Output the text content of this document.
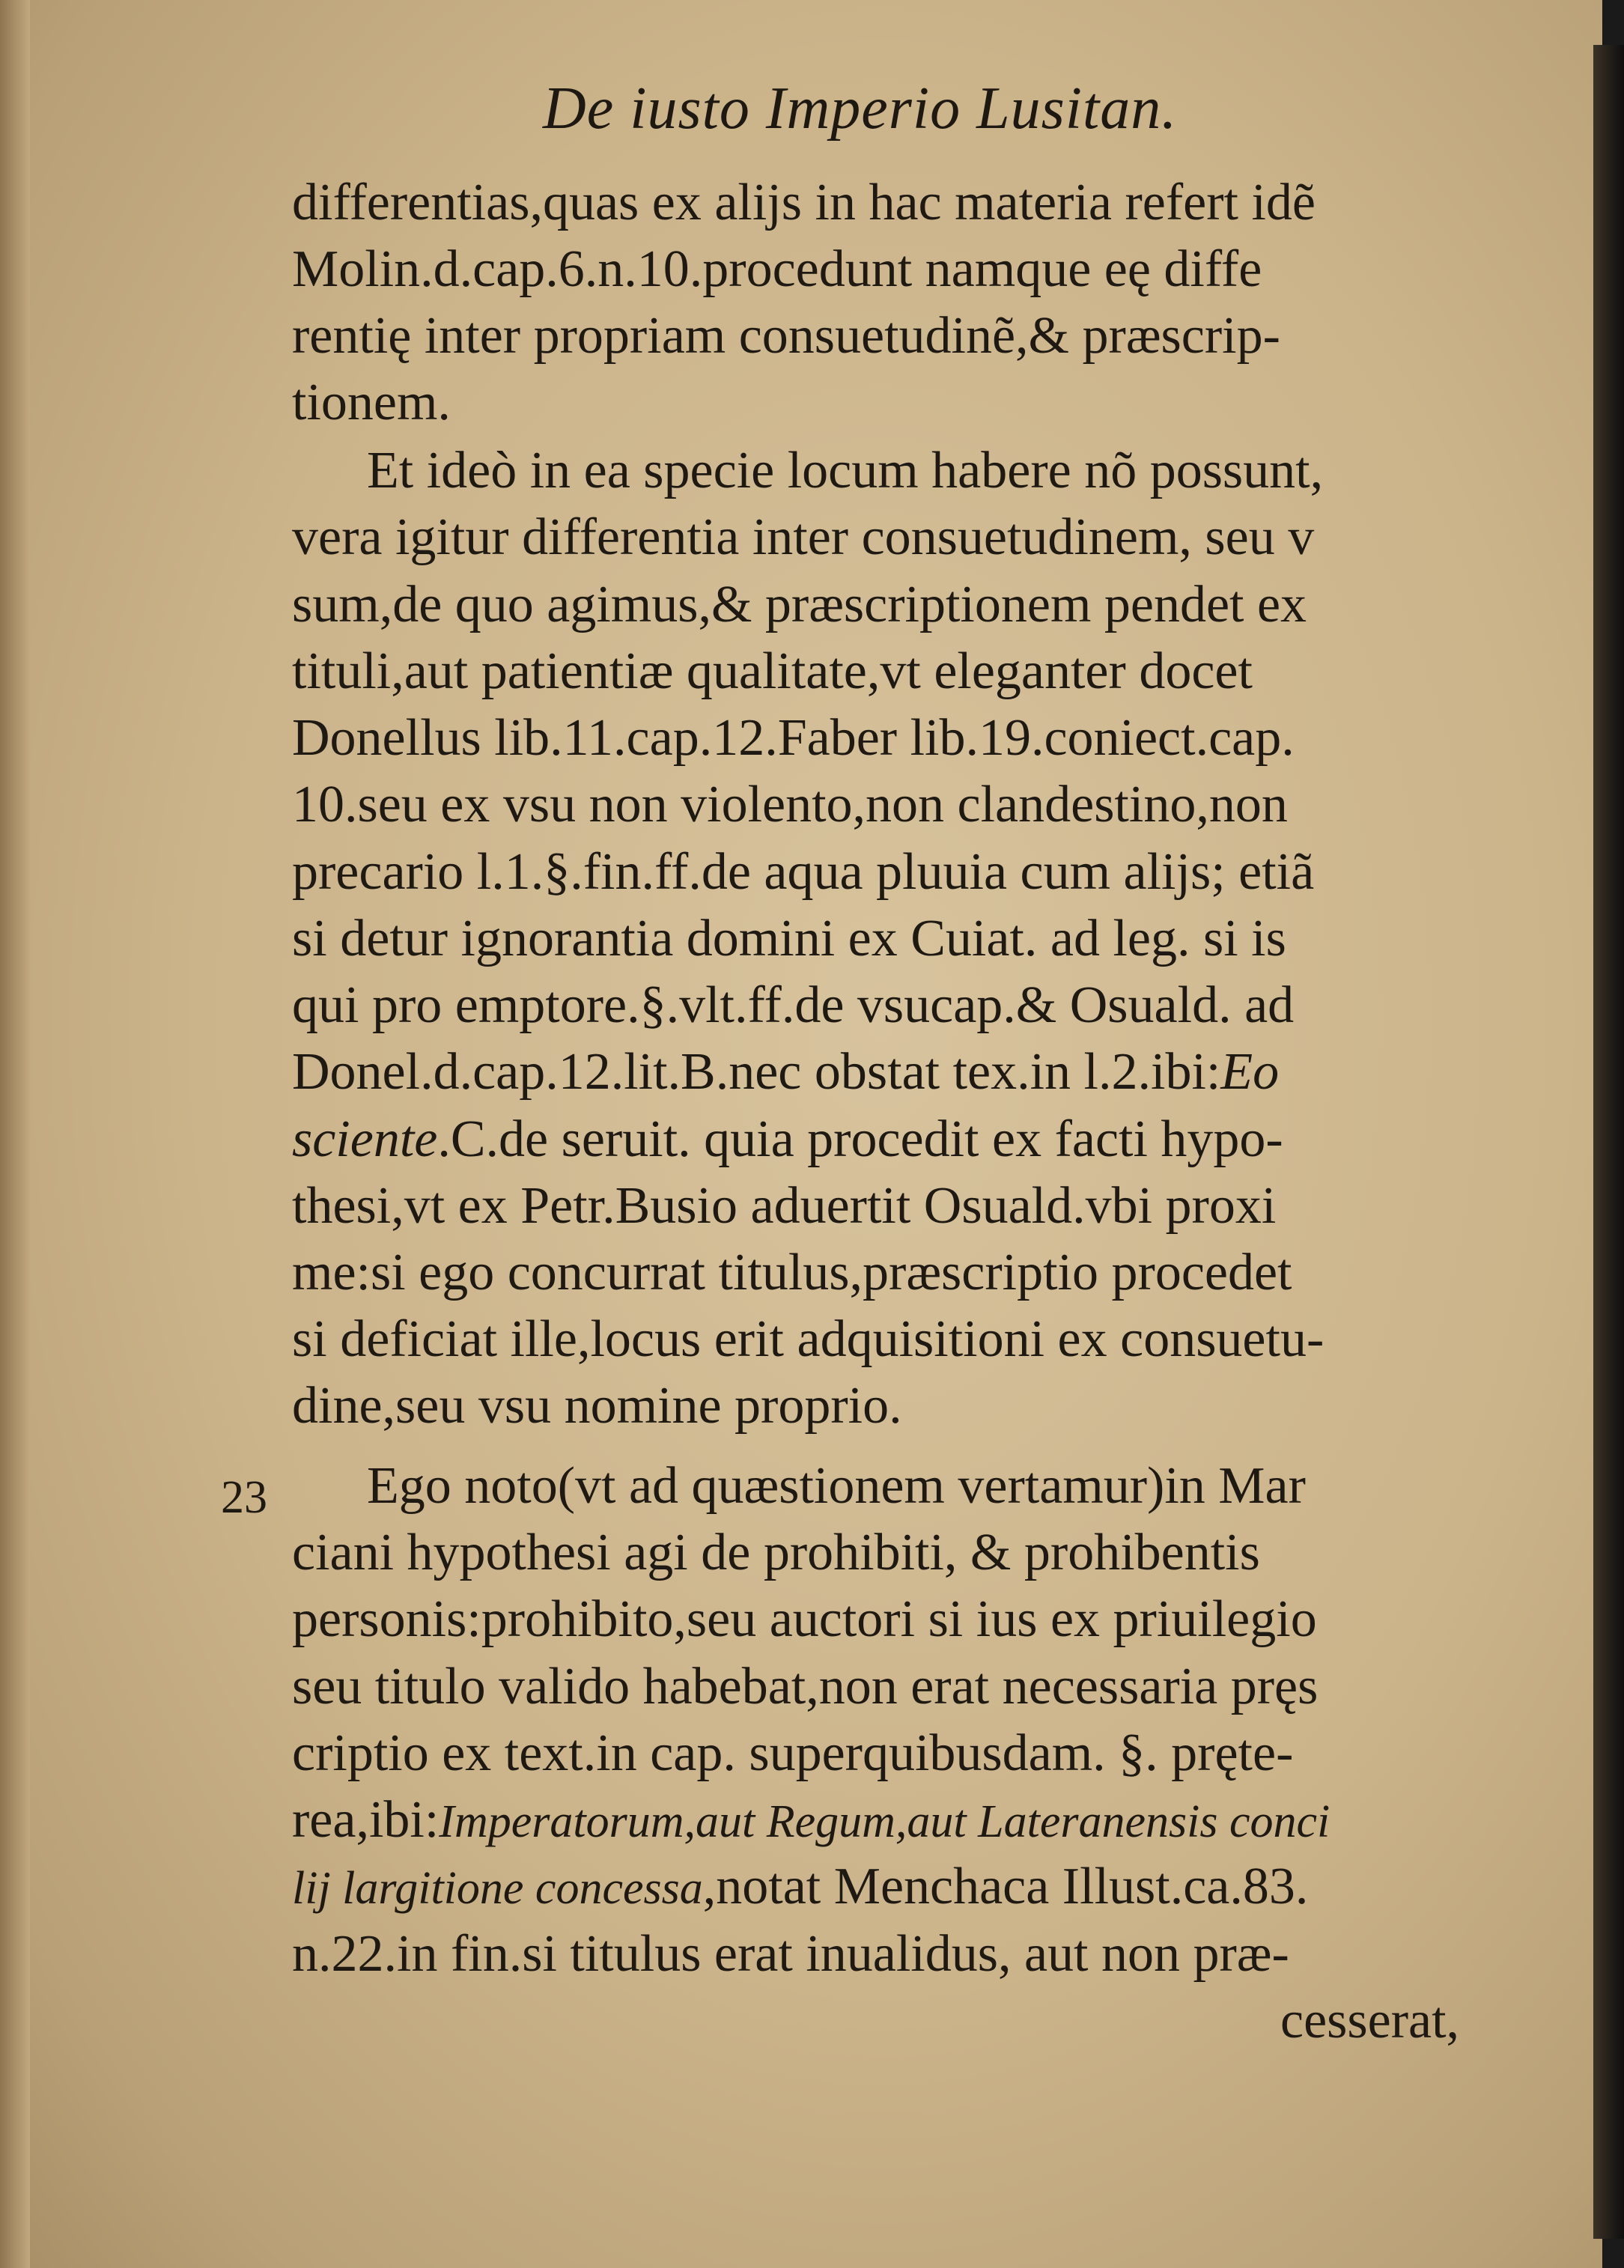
De iusto Imperio Lusitan.
23
differentias,quas ex alijs in hac materia refert idẽ
Molin.d.cap.6.n.10.procedunt namque eę diffe
rentię inter propriam consuetudinẽ,& præscrip-
tionem.
Et ideò in ea specie locum habere nõ possunt,
vera igitur differentia inter consuetudinem, seu v
sum,de quo agimus,& præscriptionem pendet ex
tituli,aut patientiæ qualitate,vt eleganter docet
Donellus lib.11.cap.12.Faber lib.19.coniect.cap.
10.seu ex vsu non violento,non clandestino,non
precario l.1.§.fin.ff.de aqua pluuia cum alijs; etiã
si detur ignorantia domini ex Cuiat. ad leg. si is
qui pro emptore.§.vlt.ff.de vsucap.& Osuald. ad
Donel.d.cap.12.lit.B.nec obstat tex.in l.2.ibi:Eo
sciente.C.de seruit. quia procedit ex facti hypo-
thesi,vt ex Petr.Busio aduertit Osuald.vbi proxi
me:si ego concurrat titulus,præscriptio procedet
si deficiat ille,locus erit adquisitioni ex consuetu-
dine,seu vsu nomine proprio.
Ego noto(vt ad quæstionem vertamur)in Mar
ciani hypothesi agi de prohibiti, & prohibentis
personis:prohibito,seu auctori si ius ex priuilegio
seu titulo valido habebat,non erat necessaria pręs
criptio ex text.in cap. superquibusdam. §. pręte-
rea,ibi:Imperatorum,aut Regum,aut Lateranensis conci
lij largitione concessa,notat Menchaca Illust.ca.83.
n.22.in fin.si titulus erat inualidus, aut non præ-
cesserat,
